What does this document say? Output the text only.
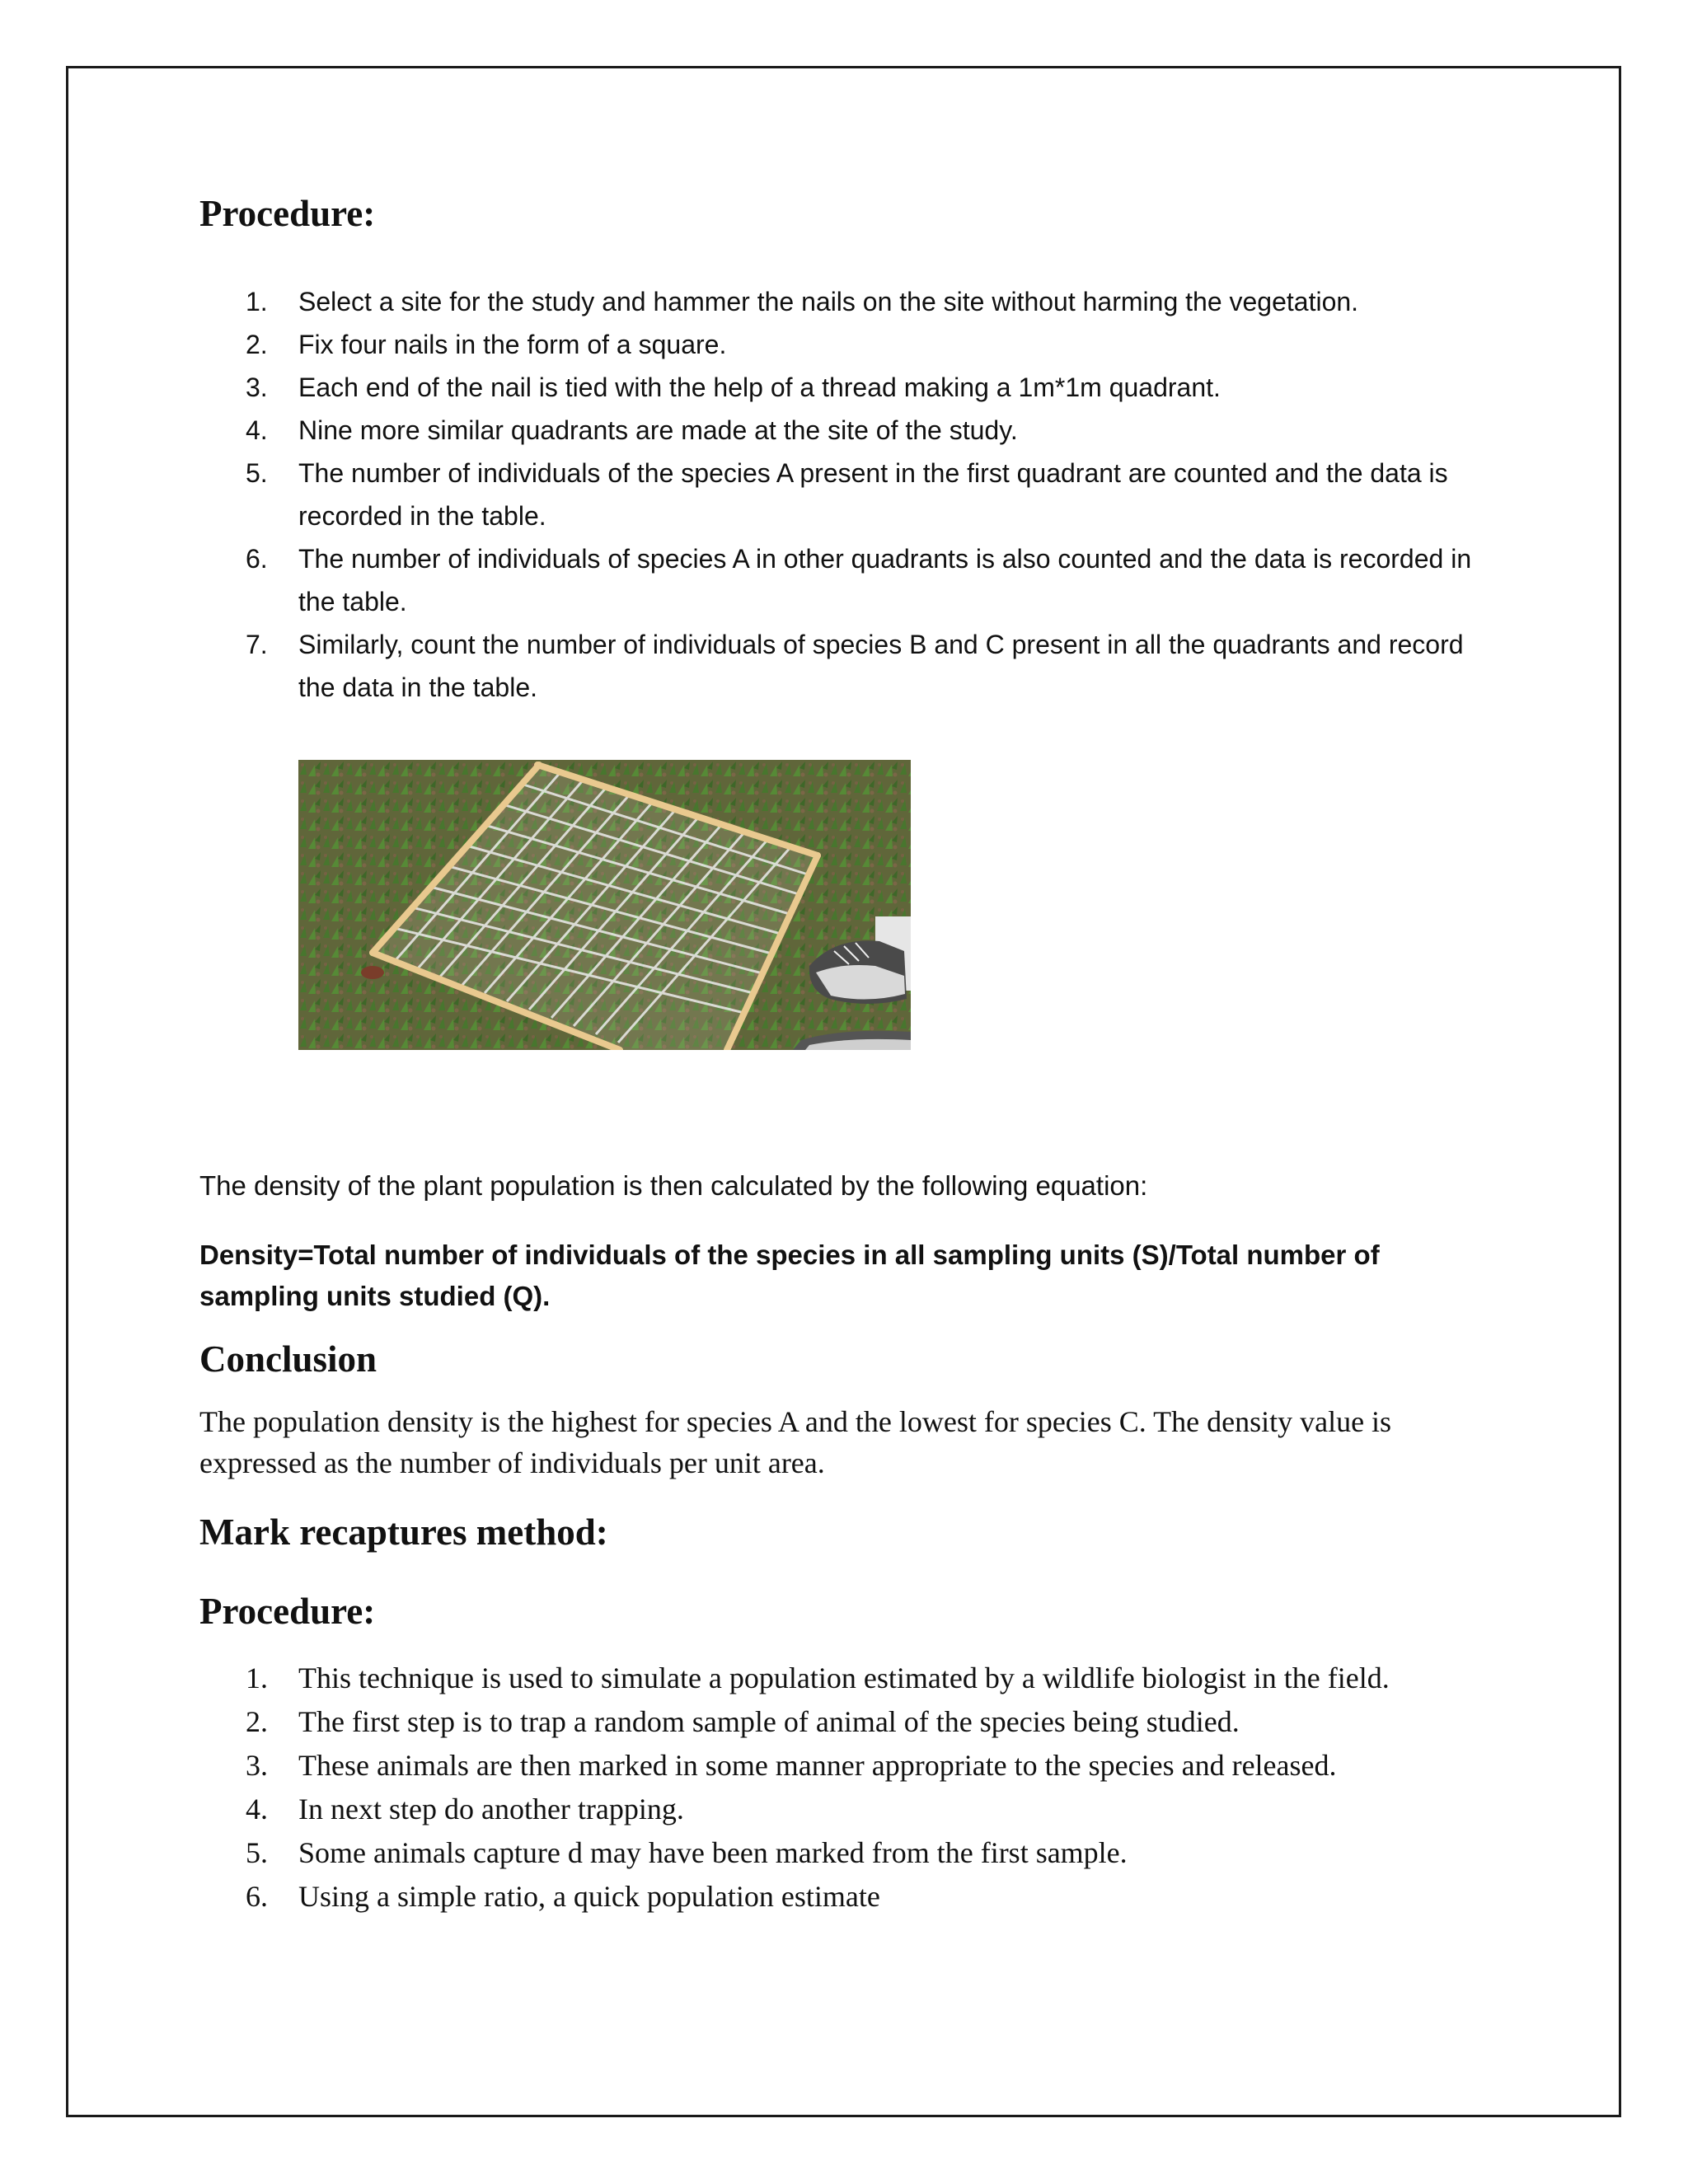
Procedure:
1. Select a site for the study and hammer the nails on the site without harming the vegetation.
2. Fix four nails in the form of a square.
3. Each end of the nail is tied with the help of a thread making a 1m*1m quadrant.
4. Nine more similar quadrants are made at the site of the study.
5. The number of individuals of the species A present in the first quadrant are counted and the data is recorded in the table.
6. The number of individuals of species A in other quadrants is also counted and the data is recorded in the table.
7. Similarly, count the number of individuals of species B and C present in all the quadrants and record the data in the table.

The density of the plant population is then calculated by the following equation:

Density=Total number of individuals of the species in all sampling units (S)/Total number of sampling units studied (Q).

Conclusion

The population density is the highest for species A and the lowest for species C. The density value is expressed as the number of individuals per unit area.

Mark recaptures method:
Procedure:
1. This technique is used to simulate a population estimated by a wildlife biologist in the field.
2. The first step is to trap a random sample of animal of the species being studied.
3. These animals are then marked in some manner appropriate to the species and released.
4. In next step do another trapping.
5. Some animals capture d may have been marked from the first sample.
6. Using a simple ratio, a quick population estimate
